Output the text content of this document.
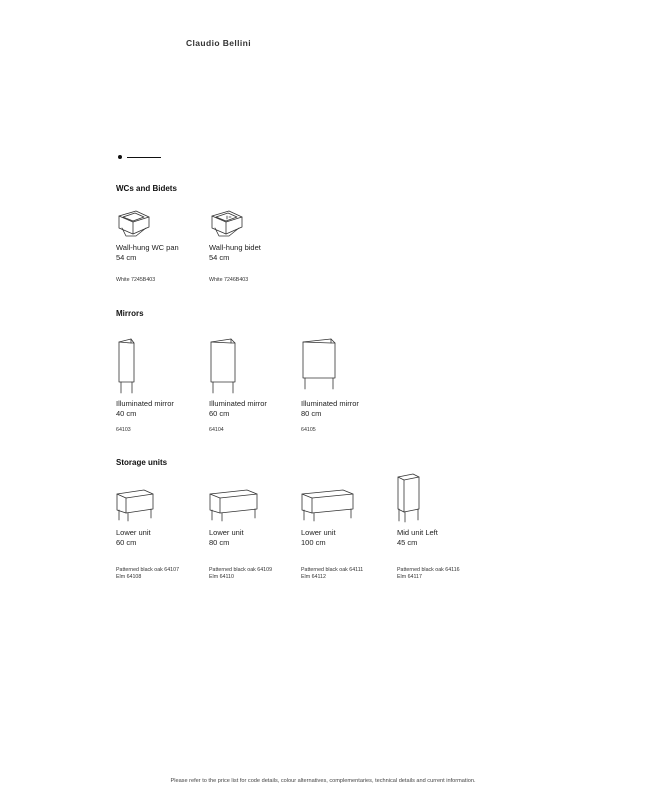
Claudio Bellini
WCs and Bidets
Wall-hung WC pan
54 cm
White 7245B403
Wall-hung bidet
54 cm
White 7246B403
Mirrors
Illuminated mirror
40 cm
64103
Illuminated mirror
60 cm
64104
Illuminated mirror
80 cm
64105
Storage units
Lower unit
60 cm
Patterned black oak 64107
Elm 64108
Lower unit
80 cm
Patterned black oak 64109
Elm 64110
Lower unit
100 cm
Patterned black oak 64111
Elm 64112
Mid unit Left
45 cm
Patterned black oak 64116
Elm 64117
Please refer to the price list for code details, colour alternatives, complementaries, technical details and current information.
